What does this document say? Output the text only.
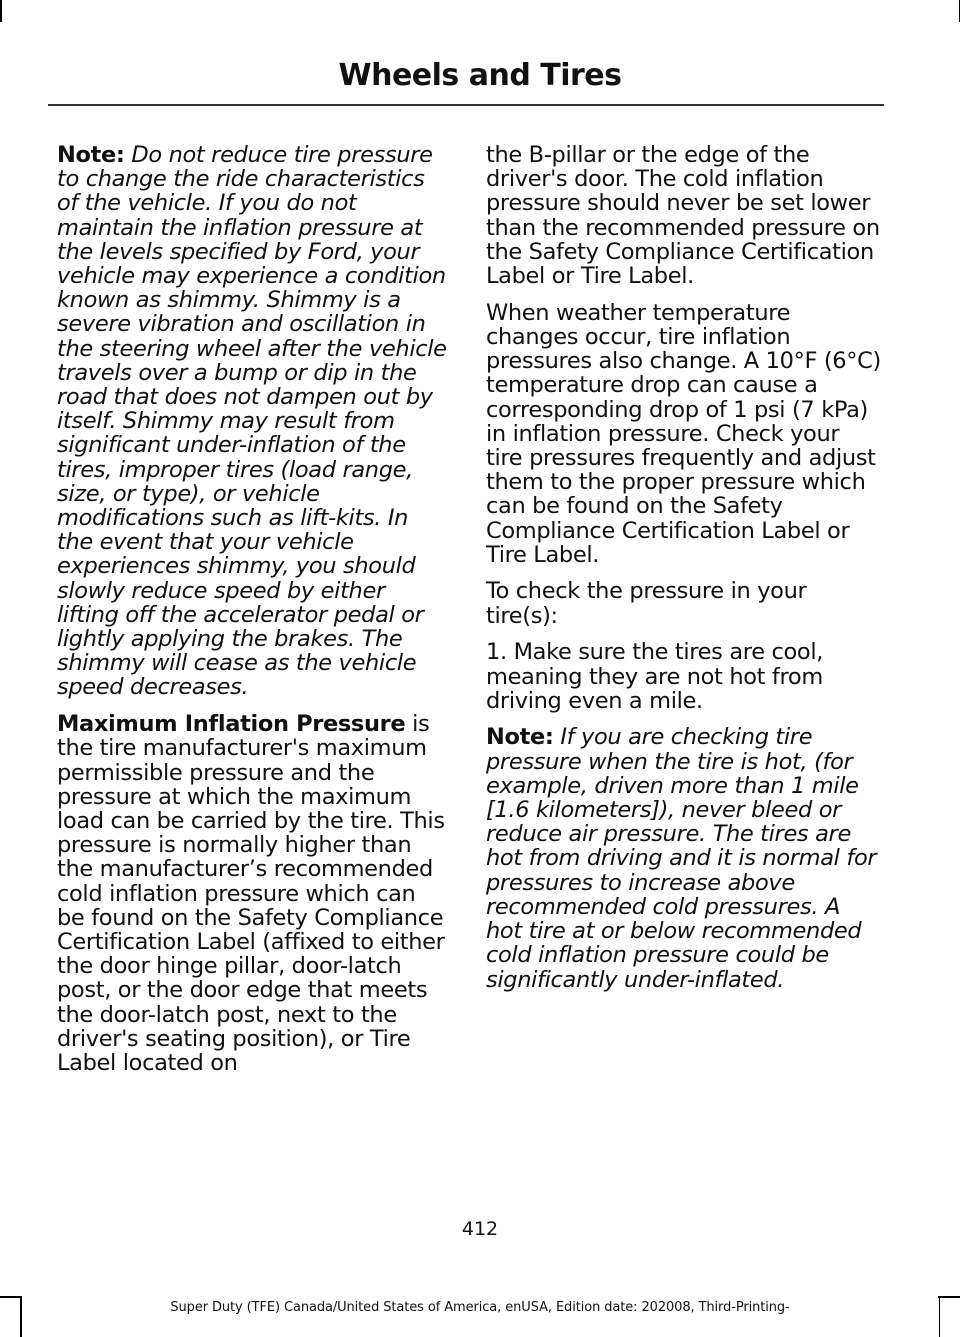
Wheels and Tires

Note: Do not reduce tire pressure to change the ride characteristics of the vehicle. If you do not maintain the inflation pressure at the levels specified by Ford, your vehicle may experience a condition known as shimmy. Shimmy is a severe vibration and oscillation in the steering wheel after the vehicle travels over a bump or dip in the road that does not dampen out by itself. Shimmy may result from significant under-inflation of the tires, improper tires (load range, size, or type), or vehicle modifications such as lift-kits. In the event that your vehicle experiences shimmy, you should slowly reduce speed by either lifting off the accelerator pedal or lightly applying the brakes. The shimmy will cease as the vehicle speed decreases.

Maximum Inflation Pressure is the tire manufacturer's maximum permissible pressure and the pressure at which the maximum load can be carried by the tire. This pressure is normally higher than the manufacturer’s recommended cold inflation pressure which can be found on the Safety Compliance Certification Label (affixed to either the door hinge pillar, door-latch post, or the door edge that meets the door-latch post, next to the driver's seating position), or Tire Label located on

the B-pillar or the edge of the driver's door. The cold inflation pressure should never be set lower than the recommended pressure on the Safety Compliance Certification Label or Tire Label.

When weather temperature changes occur, tire inflation pressures also change. A 10°F (6°C) temperature drop can cause a corresponding drop of 1 psi (7 kPa) in inflation pressure. Check your tire pressures frequently and adjust them to the proper pressure which can be found on the Safety Compliance Certification Label or Tire Label.

To check the pressure in your tire(s):

1. Make sure the tires are cool, meaning they are not hot from driving even a mile.

Note: If you are checking tire pressure when the tire is hot, (for example, driven more than 1 mile [1.6 kilometers]), never bleed or reduce air pressure. The tires are hot from driving and it is normal for pressures to increase above recommended cold pressures. A hot tire at or below recommended cold inflation pressure could be significantly under-inflated.

412
Super Duty (TFE) Canada/United States of America, enUSA, Edition date: 202008, Third-Printing-
